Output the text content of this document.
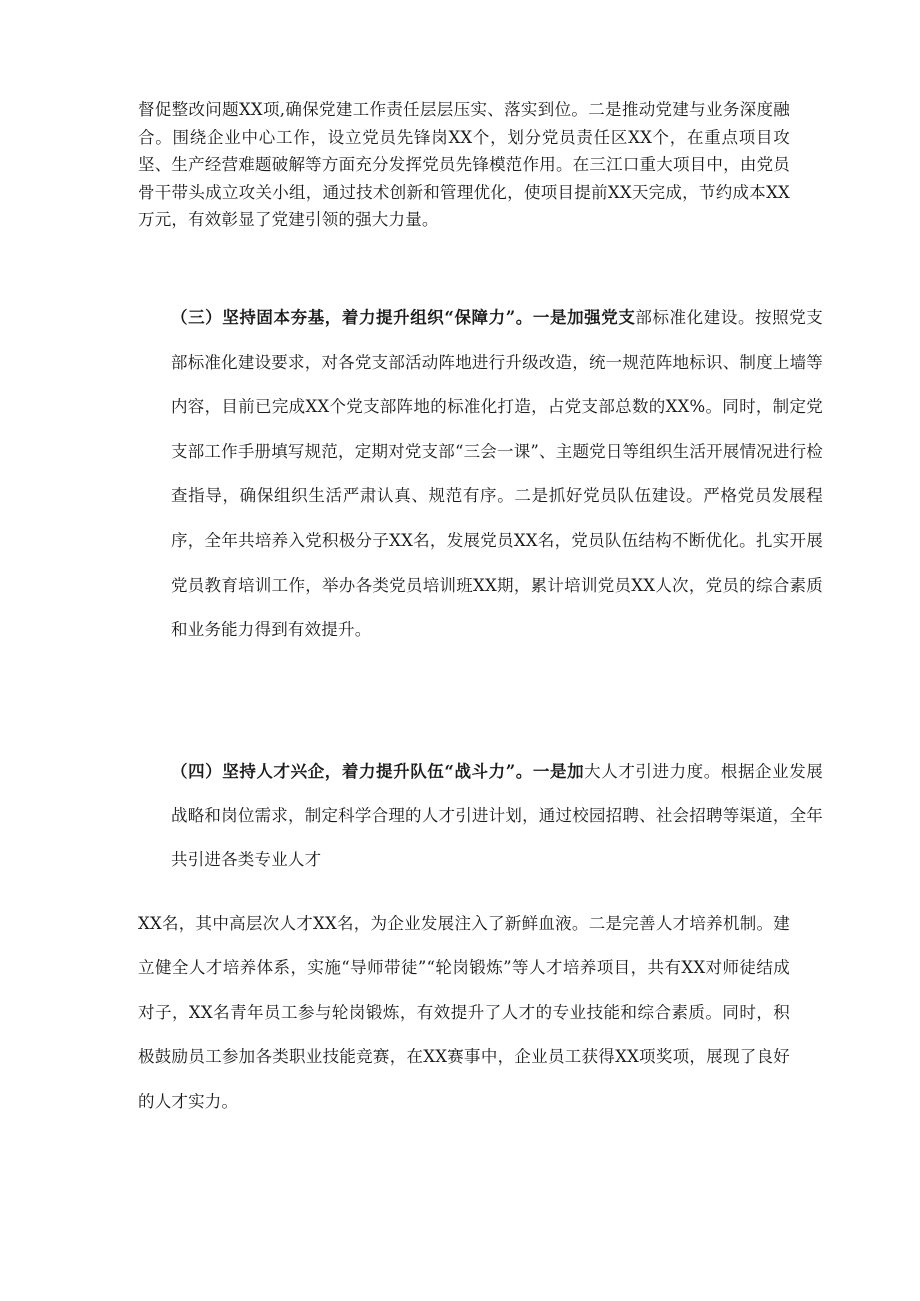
督促整改问题XX项,确保党建工作责任层层压实、落实到位。二是推动党建与业务深度融合。围绕企业中心工作，设立党员先锋岗XX个，划分党员责任区XX个，在重点项目攻坚、生产经营难题破解等方面充分发挥党员先锋模范作用。在三江口重大项目中，由党员骨干带头成立攻关小组，通过技术创新和管理优化，使项目提前XX天完成，节约成本XX万元，有效彰显了党建引领的强大力量。

（三）坚持固本夯基，着力提升组织“保障力”。一是加强党支部标准化建设。按照党支部标准化建设要求，对各党支部活动阵地进行升级改造，统一规范阵地标识、制度上墙等内容，目前已完成XX个党支部阵地的标准化打造，占党支部总数的XX%。同时，制定党支部工作手册填写规范，定期对党支部“三会一课”、主题党日等组织生活开展情况进行检查指导，确保组织生活严肃认真、规范有序。二是抓好党员队伍建设。严格党员发展程序，全年共培养入党积极分子XX名，发展党员XX名，党员队伍结构不断优化。扎实开展党员教育培训工作，举办各类党员培训班XX期，累计培训党员XX人次，党员的综合素质和业务能力得到有效提升。

（四）坚持人才兴企，着力提升队伍“战斗力”。一是加大人才引进力度。根据企业发展战略和岗位需求，制定科学合理的人才引进计划，通过校园招聘、社会招聘等渠道，全年共引进各类专业人才

XX名，其中高层次人才XX名，为企业发展注入了新鲜血液。二是完善人才培养机制。建立健全人才培养体系，实施“导师带徒”“轮岗锻炼”等人才培养项目，共有XX对师徒结成对子，XX名青年员工参与轮岗锻炼，有效提升了人才的专业技能和综合素质。同时，积极鼓励员工参加各类职业技能竞赛，在XX赛事中，企业员工获得XX项奖项，展现了良好的人才实力。
